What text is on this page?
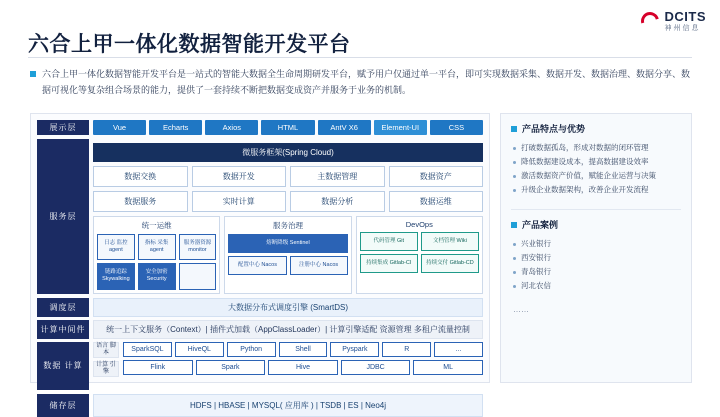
DCITS
神州信息
六合上甲一体化数据智能开发平台

六合上甲一体化数据智能开发平台是一站式的智能大数据全生命周期研发平台，赋予用户仅通过单一平台，即可实现数据采集、数据开发、数据治理、数据分享、数据可视化等复杂组合场景的能力，提供了一套持续不断把数据变成资产并服务于业务的机制。

展示层	Vue	Echarts	Axios	HTML	AntV X6	Element-UI	CSS
服务层
微服务框架(Spring Cloud)
数据交换	数据开发	主数据管理	数据资产
数据服务	实时计算	数据分析	数据运维
统一运维
日志 监控 agent
指标 采集 agent
服务器资源 monitor
链路追踪 Skywalking
安全加密 Security
服务治理
熔断降级 Sentinel
配置中心 Nacos	注册中心 Nacos
DevOps
代码管理 Git	文档管理 Wiki
持续集成 Gitlab-CI	持续交付 Gitlab-CD
调度层	大数据分布式调度引擎 (SmartDS)
计算中间件	统一上下文服务（Context）| 插件式加载（AppClassLoader）| 计算引擎适配 资源管理 多租户流量控制
数据 计算
语言 脚本
计算 引擎
SparkSQL	HiveQL	Python	Shell	Pyspark	R	...
Flink	Spark	Hive	JDBC	ML
储存层	HDFS | HBASE | MYSQL( 应用库 ) | TSDB | ES | Neo4j
产品特点与优势
打破数据孤岛，形成对数据的闭环管理
降低数据建设成本，提高数据建设效率
激活数据资产价值，赋能企业运营与决策
升级企业数据架构，改善企业开发流程
产品案例
兴业银行
西安银行
青岛银行
河北农信
……
